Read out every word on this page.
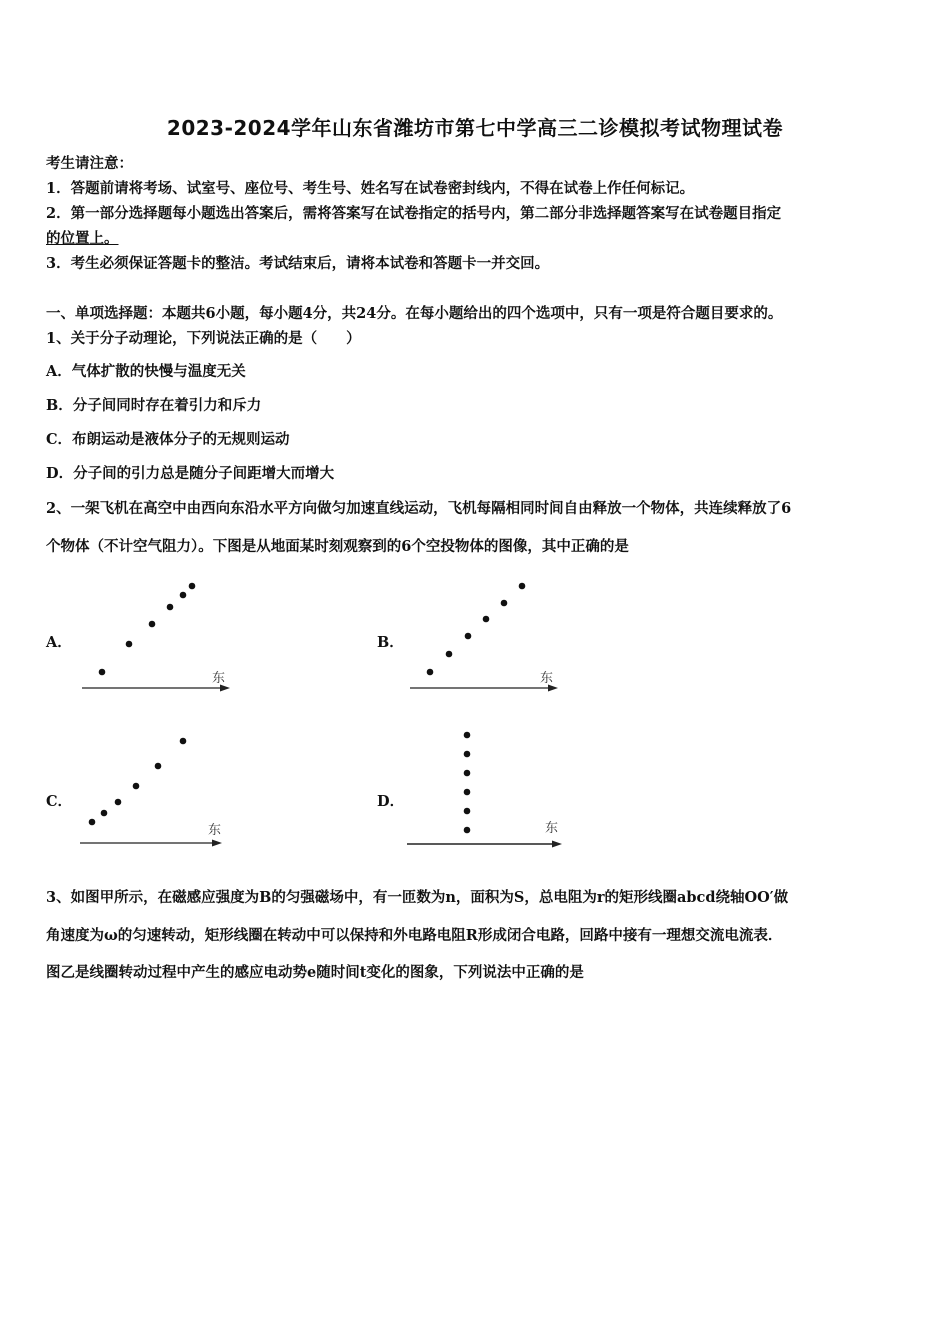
2023-2024学年山东省潍坊市第七中学高三二诊模拟考试物理试卷
考生请注意：
1．答题前请将考场、试室号、座位号、考生号、姓名写在试卷密封线内，不得在试卷上作任何标记。
2．第一部分选择题每小题选出答案后，需将答案写在试卷指定的括号内，第二部分非选择题答案写在试卷题目指定
的位置上。
3．考生必须保证答题卡的整洁。考试结束后，请将本试卷和答题卡一并交回。
一、单项选择题：本题共6小题，每小题4分，共24分。在每小题给出的四个选项中，只有一项是符合题目要求的。
1、关于分子动理论，下列说法正确的是（　　）
A．气体扩散的快慢与温度无关
B．分子间同时存在着引力和斥力
C．布朗运动是液体分子的无规则运动
D．分子间的引力总是随分子间距增大而增大
2、一架飞机在高空中由西向东沿水平方向做匀加速直线运动，飞机每隔相同时间自由释放一个物体，共连续释放了6
个物体（不计空气阻力）。下图是从地面某时刻观察到的6个空投物体的图像，其中正确的是
A．
东
B．
东
C．
东
D．
东
3、如图甲所示，在磁感应强度为B的匀强磁场中，有一匝数为n，面积为S，总电阻为r的矩形线圈abcd绕轴OO′做
角速度为ω的匀速转动，矩形线圈在转动中可以保持和外电路电阻R形成闭合电路，回路中接有一理想交流电流表．
图乙是线圈转动过程中产生的感应电动势e随时间t变化的图象，下列说法中正确的是
